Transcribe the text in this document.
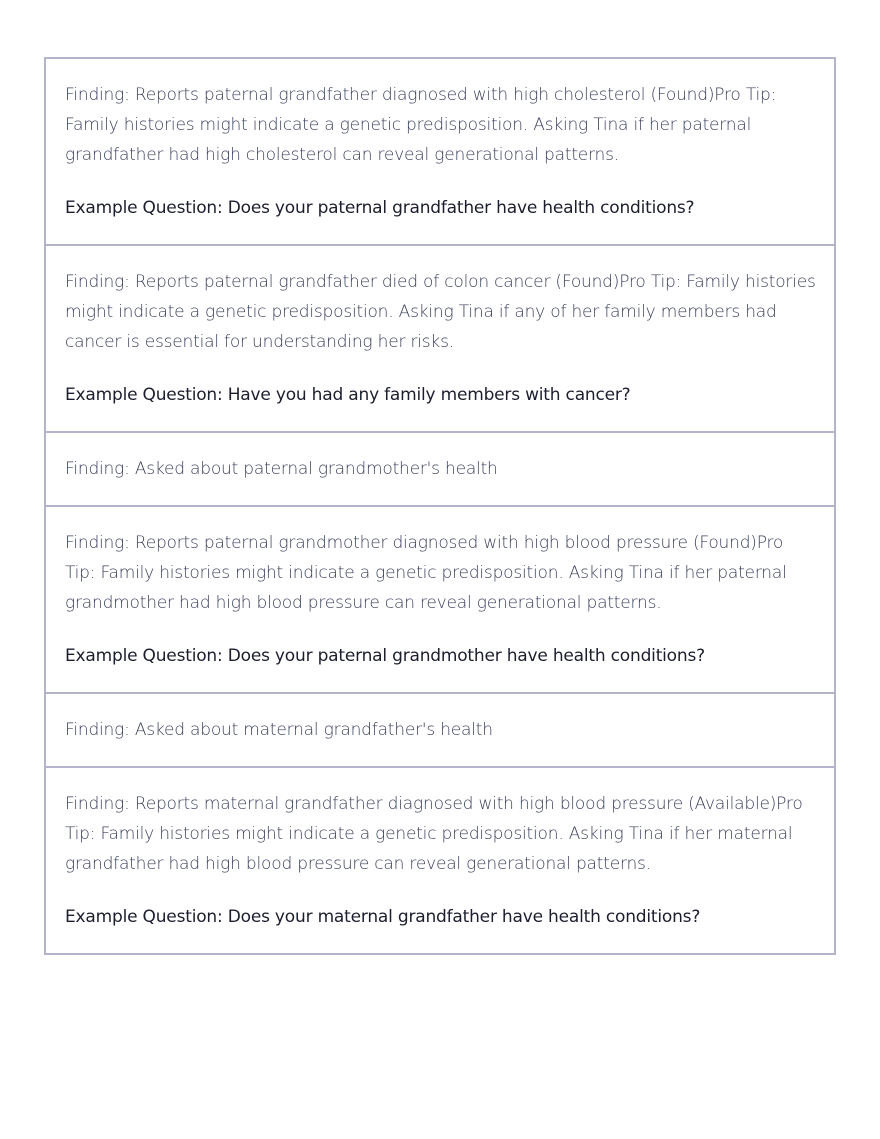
Finding: Reports paternal grandfather diagnosed with high cholesterol (Found)Pro Tip: Family histories might indicate a genetic predisposition. Asking Tina if her paternal grandfather had high cholesterol can reveal generational patterns.

Example Question: Does your paternal grandfather have health conditions?

Finding: Reports paternal grandfather died of colon cancer (Found)Pro Tip: Family histories might indicate a genetic predisposition. Asking Tina if any of her family members had cancer is essential for understanding her risks.

Example Question: Have you had any family members with cancer?

Finding: Asked about paternal grandmother's health

Finding: Reports paternal grandmother diagnosed with high blood pressure (Found)Pro Tip: Family histories might indicate a genetic predisposition. Asking Tina if her paternal grandmother had high blood pressure can reveal generational patterns.

Example Question: Does your paternal grandmother have health conditions?

Finding: Asked about maternal grandfather's health

Finding: Reports maternal grandfather diagnosed with high blood pressure (Available)Pro Tip: Family histories might indicate a genetic predisposition. Asking Tina if her maternal grandfather had high blood pressure can reveal generational patterns.

Example Question: Does your maternal grandfather have health conditions?
